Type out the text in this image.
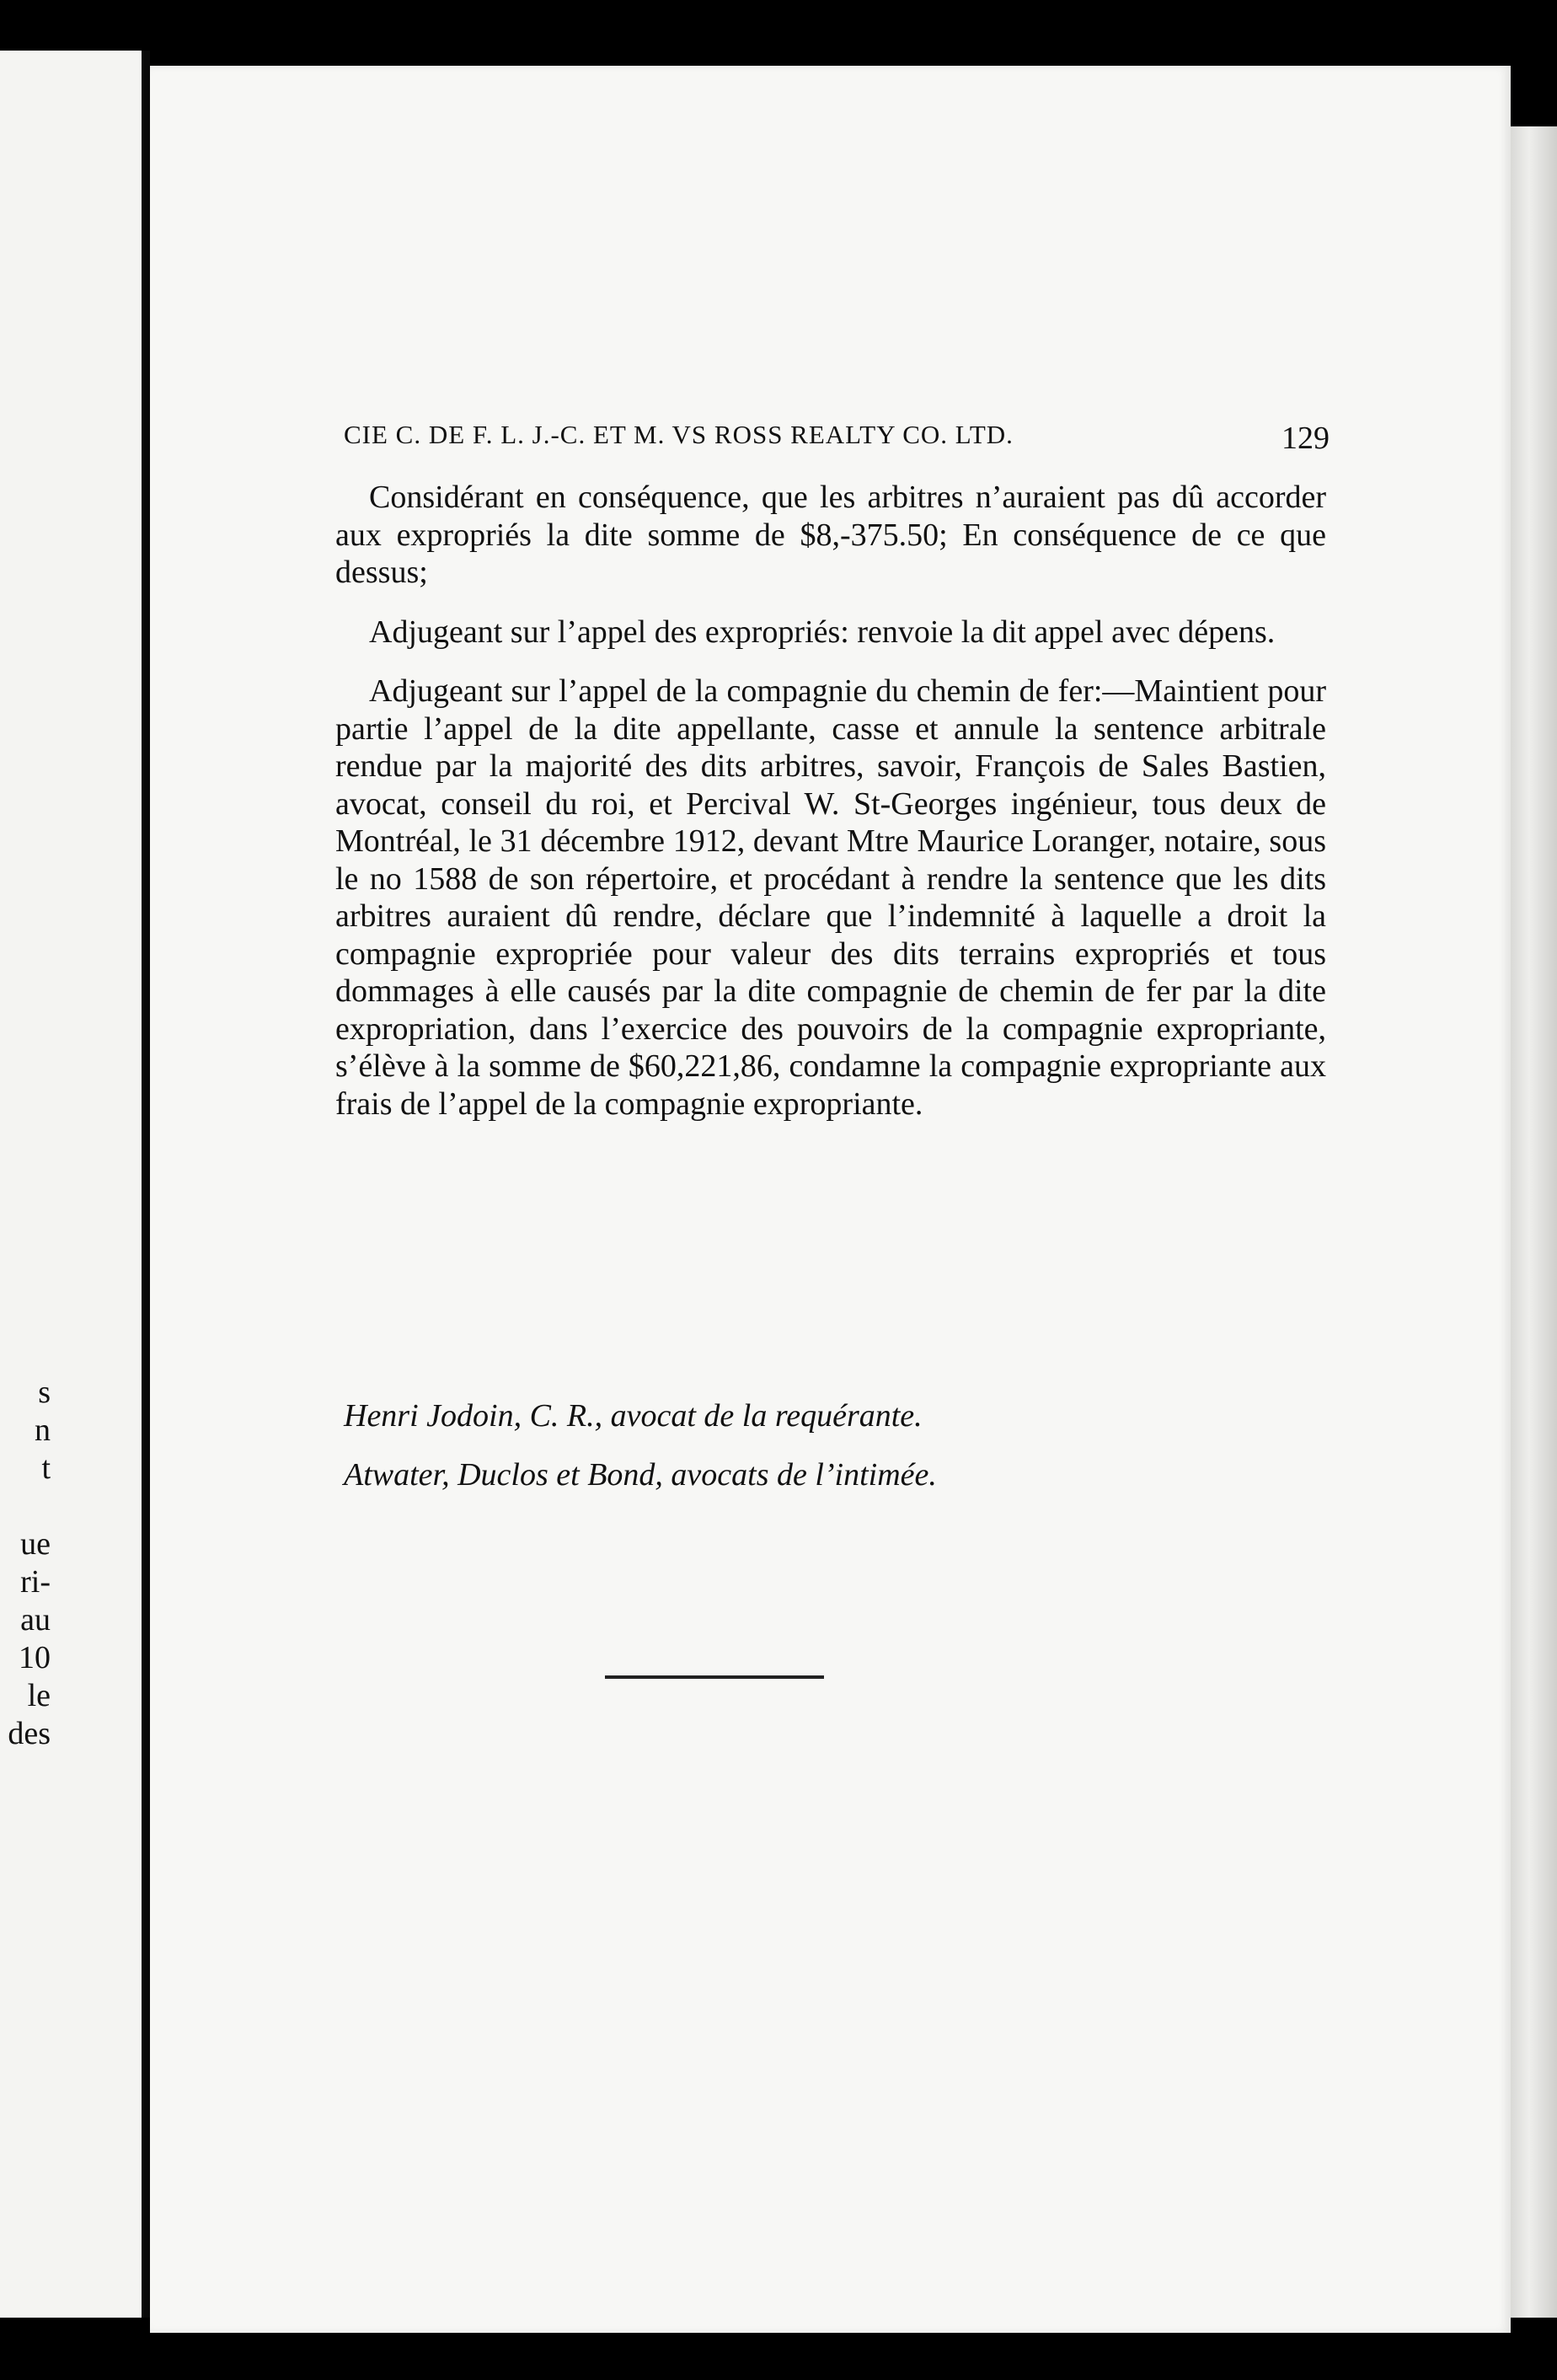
s
n
t

ue
ri-
au
10
le
des
CIE C. DE F. L. J.-C. ET M. VS ROSS REALTY CO. LTD.	129

Considérant en conséquence, que les arbitres n’auraient pas dû accorder aux expropriés la dite somme de $8,-375.50; En conséquence de ce que dessus;

Adjugeant sur l’appel des expropriés: renvoie la dit appel avec dépens.

Adjugeant sur l’appel de la compagnie du chemin de fer:—Maintient pour partie l’appel de la dite appellante, casse et annule la sentence arbitrale rendue par la majorité des dits arbitres, savoir, François de Sales Bastien, avocat, conseil du roi, et Percival W. St-Georges ingénieur, tous deux de Montréal, le 31 décembre 1912, devant Mtre Maurice Loranger, notaire, sous le no 1588 de son répertoire, et procédant à rendre la sentence que les dits arbitres auraient dû rendre, déclare que l’indemnité à laquelle a droit la compagnie expropriée pour valeur des dits terrains expropriés et tous dommages à elle causés par la dite compagnie de chemin de fer par la dite expropriation, dans l’exercice des pouvoirs de la compagnie expropriante, s’élève à la somme de $60,221,86, condamne la compagnie expropriante aux frais de l’appel de la compagnie expropriante.

Henri Jodoin, C. R., avocat de la requérante.
Atwater, Duclos et Bond, avocats de l’intimée.
